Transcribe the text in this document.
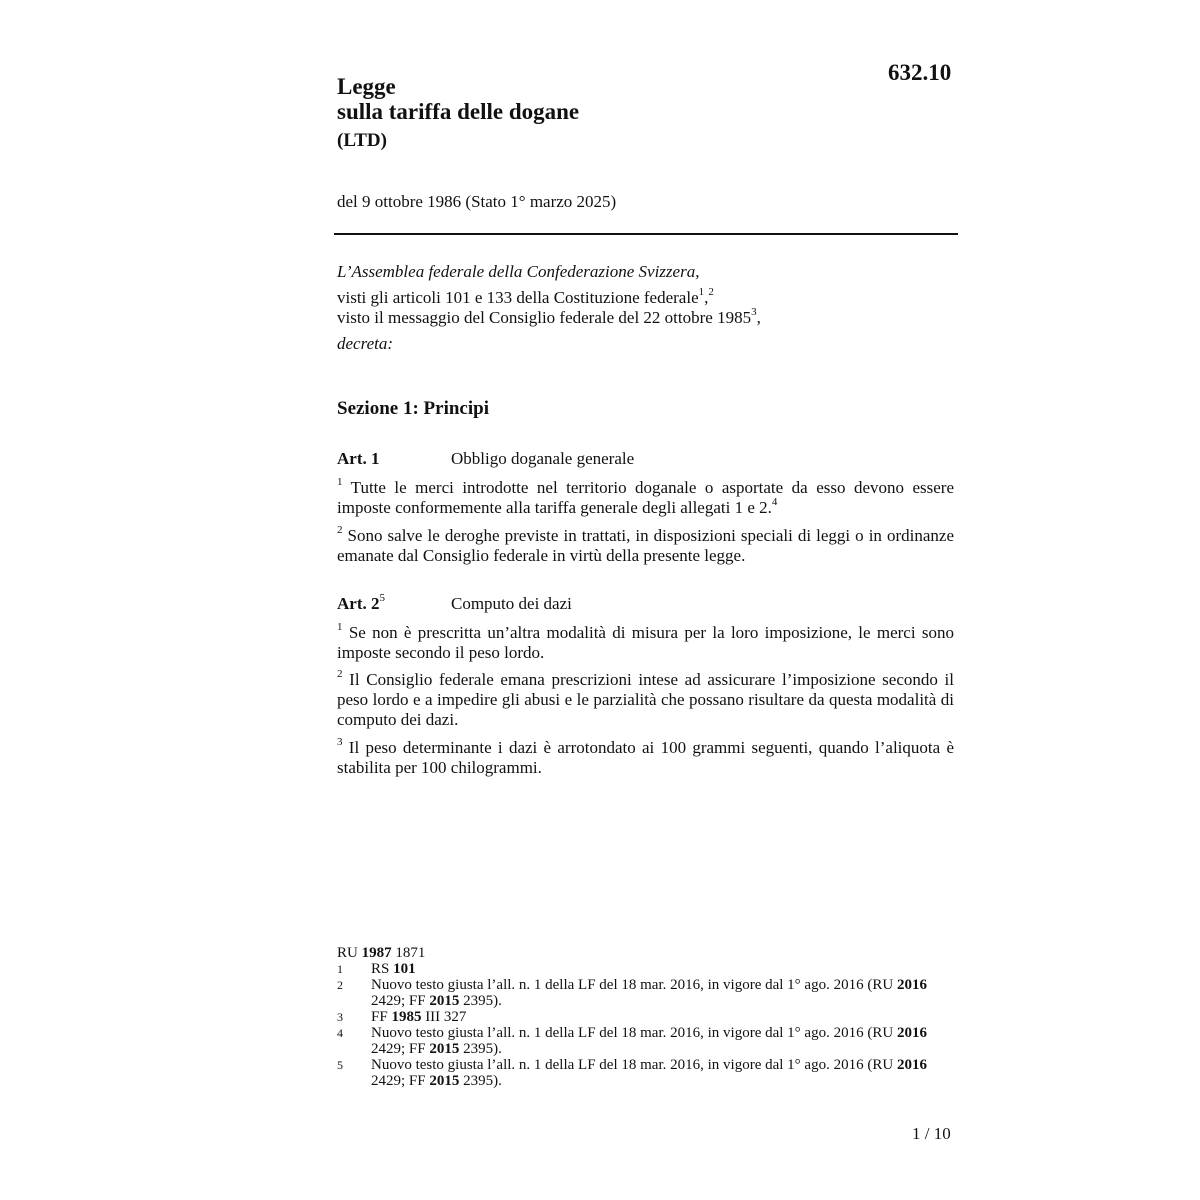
632.10
Legge
sulla tariffa delle dogane
(LTD)
del 9 ottobre 1986 (Stato 1° marzo 2025)
L’Assemblea federale della Confederazione Svizzera,
visti gli articoli 101 e 133 della Costituzione federale$^1$,$^2$
visto il messaggio del Consiglio federale del 22 ottobre 1985$^3$,
decreta:
Sezione 1: Principi
Art. 1	Obbligo doganale generale
$^1$ Tutte le merci introdotte nel territorio doganale o asportate da esso devono essere imposte conformemente alla tariffa generale degli allegati 1 e 2.$^4$
$^2$ Sono salve le deroghe previste in trattati, in disposizioni speciali di leggi o in ordinanze emanate dal Consiglio federale in virtù della presente legge.
Art. $2^5$	Computo dei dazi
$^1$ Se non è prescritta un’altra modalità di misura per la loro imposizione, le merci sono imposte secondo il peso lordo.
$^2$ Il Consiglio federale emana prescrizioni intese ad assicurare l’imposizione secondo il peso lordo e a impedire gli abusi e le parzialità che possano risultare da questa modalità di computo dei dazi.
$^3$ Il peso determinante i dazi è arrotondato ai 100 grammi seguenti, quando l’aliquota è stabilita per 100 chilogrammi.
RU 1987 1871
1	RS 101
2	Nuovo testo giusta l’all. n. 1 della LF del 18 mar. 2016, in vigore dal 1° ago. 2016 (RU 2016 2429; FF 2015 2395).
3	FF 1985 III 327
4	Nuovo testo giusta l’all. n. 1 della LF del 18 mar. 2016, in vigore dal 1° ago. 2016 (RU 2016 2429; FF 2015 2395).
5	Nuovo testo giusta l’all. n. 1 della LF del 18 mar. 2016, in vigore dal 1° ago. 2016 (RU 2016 2429; FF 2015 2395).
1 / 10
